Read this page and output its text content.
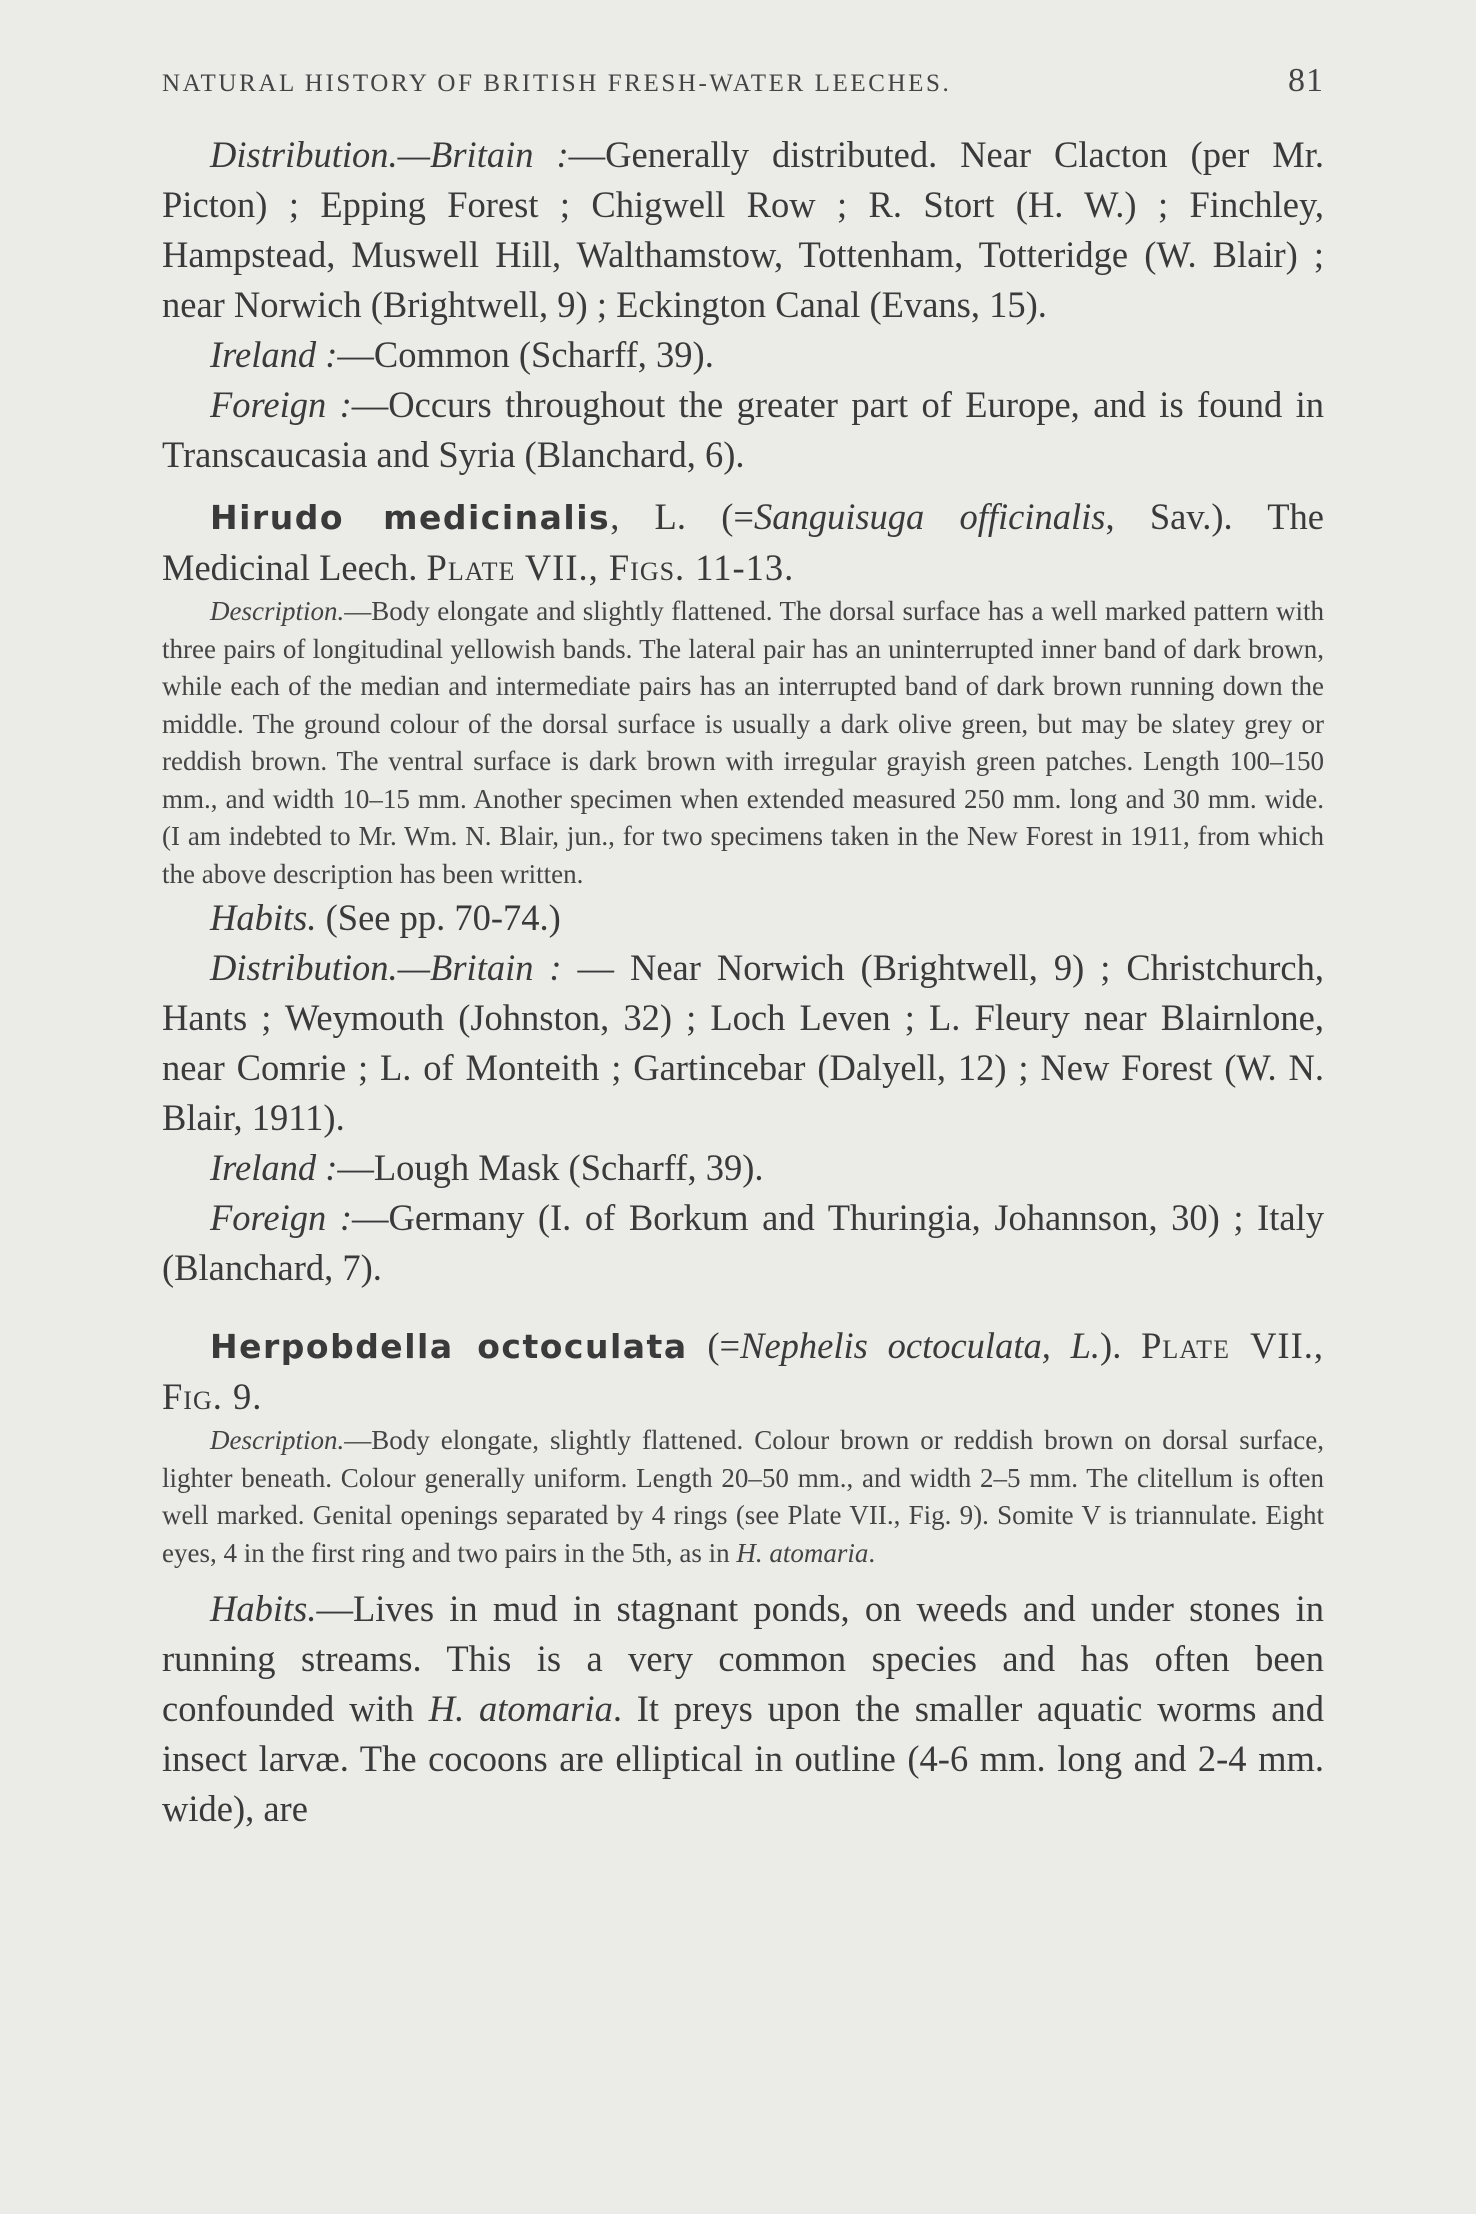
NATURAL HISTORY OF BRITISH FRESH-WATER LEECHES.	81

Distribution.—Britain :—Generally distributed. Near Clacton (per Mr. Picton) ; Epping Forest ; Chigwell Row ; R. Stort (H. W.) ; Finchley, Hampstead, Muswell Hill, Walthamstow, Tottenham, Totteridge (W. Blair) ; near Norwich (Brightwell, 9) ; Eckington Canal (Evans, 15).

Ireland :—Common (Scharff, 39).

Foreign :—Occurs throughout the greater part of Europe, and is found in Transcaucasia and Syria (Blanchard, 6).

Hirudo medicinalis, L. (=Sanguisuga officinalis, Sav.). The Medicinal Leech. Plate VII., Figs. 11-13.

Description.—Body elongate and slightly flattened. The dorsal surface has a well marked pattern with three pairs of longitudinal yellowish bands. The lateral pair has an uninterrupted inner band of dark brown, while each of the median and intermediate pairs has an interrupted band of dark brown running down the middle. The ground colour of the dorsal surface is usually a dark olive green, but may be slatey grey or reddish brown. The ventral surface is dark brown with irregular grayish green patches. Length 100–150 mm., and width 10–15 mm. Another specimen when extended measured 250 mm. long and 30 mm. wide. (I am indebted to Mr. Wm. N. Blair, jun., for two specimens taken in the New Forest in 1911, from which the above description has been written.

Habits. (See pp. 70-74.)

Distribution.—Britain : — Near Norwich (Brightwell, 9) ; Christchurch, Hants ; Weymouth (Johnston, 32) ; Loch Leven ; L. Fleury near Blairnlone, near Comrie ; L. of Monteith ; Gartincebar (Dalyell, 12) ; New Forest (W. N. Blair, 1911).

Ireland :—Lough Mask (Scharff, 39).

Foreign :—Germany (I. of Borkum and Thuringia, Johannson, 30) ; Italy (Blanchard, 7).

Herpobdella octoculata (=Nephelis octoculata, L.). Plate VII., Fig. 9.

Description.—Body elongate, slightly flattened. Colour brown or reddish brown on dorsal surface, lighter beneath. Colour generally uniform. Length 20–50 mm., and width 2–5 mm. The clitellum is often well marked. Genital openings separated by 4 rings (see Plate VII., Fig. 9). Somite V is triannulate. Eight eyes, 4 in the first ring and two pairs in the 5th, as in H. atomaria.

Habits.—Lives in mud in stagnant ponds, on weeds and under stones in running streams. This is a very common species and has often been confounded with H. atomaria. It preys upon the smaller aquatic worms and insect larvæ. The cocoons are elliptical in outline (4-6 mm. long and 2-4 mm. wide), are
